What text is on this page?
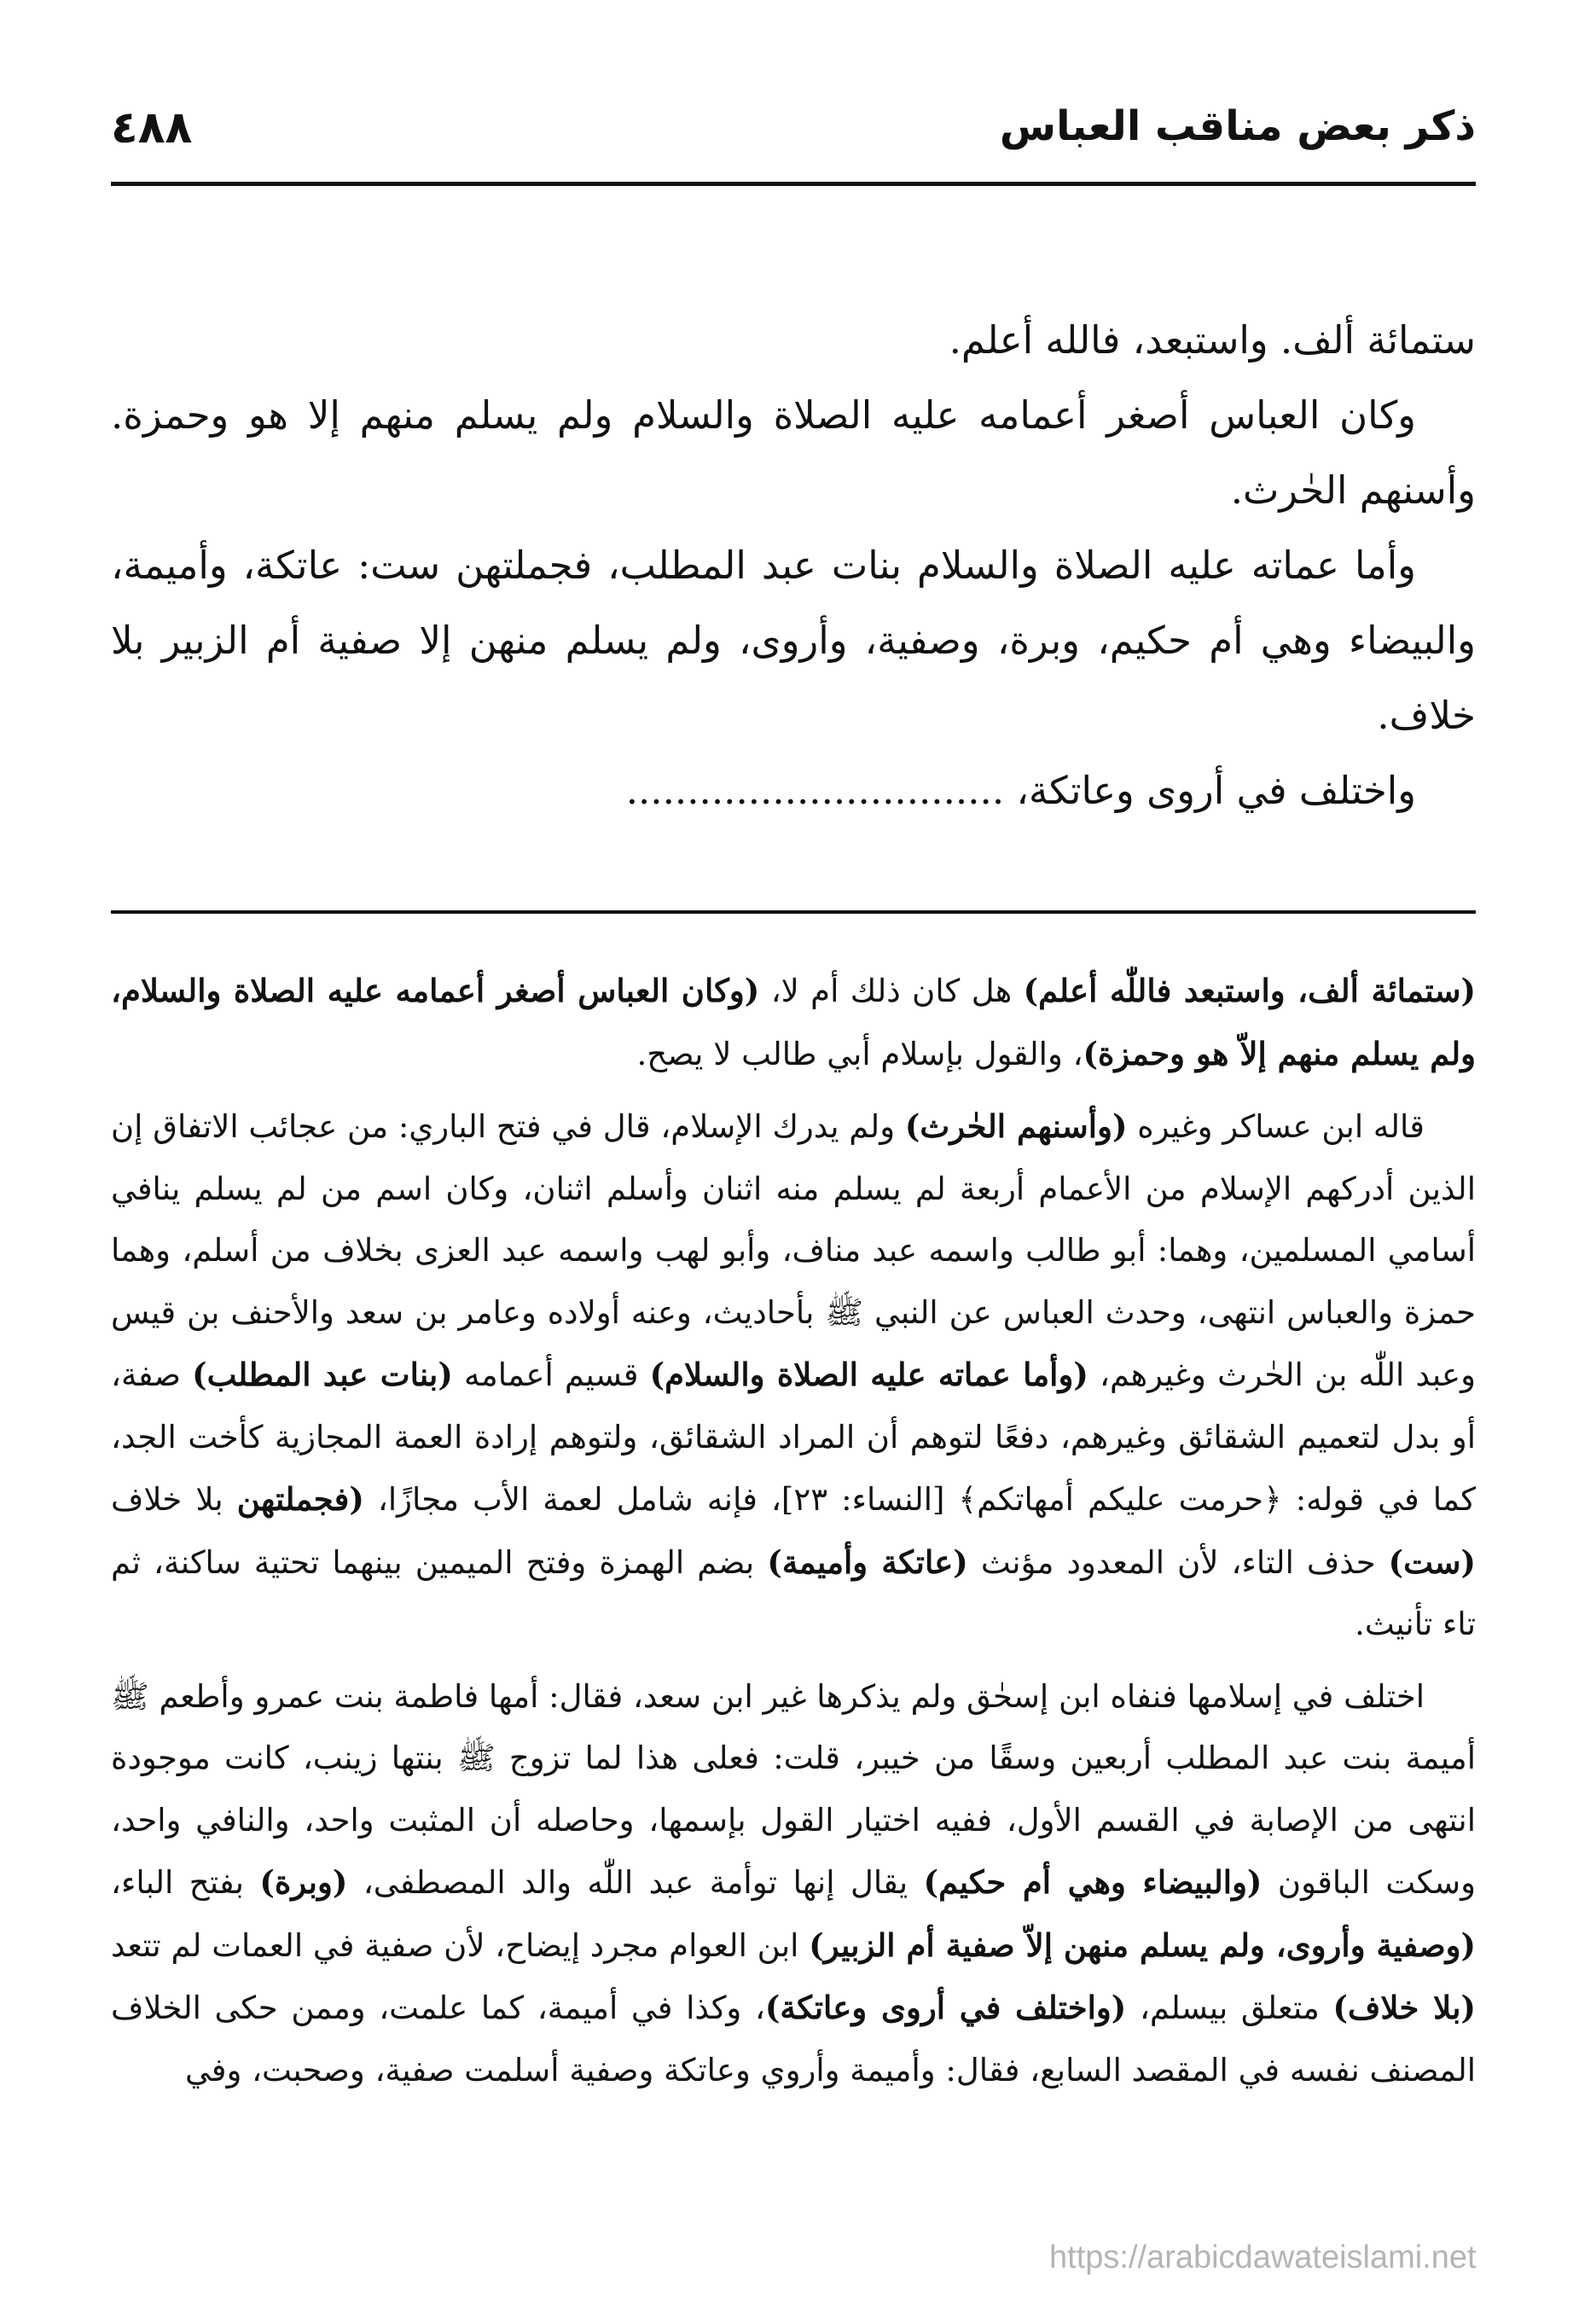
ذكر بعض مناقب العباس
٤٨٨

ستمائة ألف. واستبعد، فالله أعلم.

وكان العباس أصغر أعمامه عليه الصلاة والسلام ولم يسلم منهم إلا هو وحمزة. وأسنهم الحٰرث.

وأما عماته عليه الصلاة والسلام بنات عبد المطلب، فجملتهن ست: عاتكة، وأميمة، والبيضاء وهي أم حكيم، وبرة، وصفية، وأروى، ولم يسلم منهن إلا صفية أم الزبير بلا خلاف.

واختلف في أروى وعاتكة، ...............................

(ستمائة ألف، واستبعد فاللّٰه أعلم) هل كان ذلك أم لا، (وكان العباس أصغر أعمامه عليه الصلاة والسلام، ولم يسلم منهم إلاّ هو وحمزة)، والقول بإسلام أبي طالب لا يصح.

قاله ابن عساكر وغيره (وأسنهم الحٰرث) ولم يدرك الإسلام، قال في فتح الباري: من عجائب الاتفاق إن الذين أدركهم الإسلام من الأعمام أربعة لم يسلم منه اثنان وأسلم اثنان، وكان اسم من لم يسلم ينافي أسامي المسلمين، وهما: أبو طالب واسمه عبد مناف، وأبو لهب واسمه عبد العزى بخلاف من أسلم، وهما حمزة والعباس انتهى، وحدث العباس عن النبي ﷺ بأحاديث، وعنه أولاده وعامر بن سعد والأحنف بن قيس وعبد اللّٰه بن الحٰرث وغيرهم، (وأما عماته عليه الصلاة والسلام) قسيم أعمامه (بنات عبد المطلب) صفة، أو بدل لتعميم الشقائق وغيرهم، دفعًا لتوهم أن المراد الشقائق، ولتوهم إرادة العمة المجازية كأخت الجد، كما في قوله: ﴿حرمت عليكم أمهاتكم﴾ [النساء: ٢٣]، فإنه شامل لعمة الأب مجازًا، (فجملتهن بلا خلاف (ست) حذف التاء، لأن المعدود مؤنث (عاتكة وأميمة) بضم الهمزة وفتح الميمين بينهما تحتية ساكنة، ثم تاء تأنيث.

اختلف في إسلامها فنفاه ابن إسحٰق ولم يذكرها غير ابن سعد، فقال: أمها فاطمة بنت عمرو وأطعم ﷺ أميمة بنت عبد المطلب أربعين وسقًا من خيبر، قلت: فعلى هذا لما تزوج ﷺ بنتها زينب، كانت موجودة انتهى من الإصابة في القسم الأول، ففيه اختيار القول بإسمها، وحاصله أن المثبت واحد، والنافي واحد، وسكت الباقون (والبيضاء وهي أم حكيم) يقال إنها توأمة عبد اللّٰه والد المصطفى، (وبرة) بفتح الباء، (وصفية وأروى، ولم يسلم منهن إلاّ صفية أم الزبير) ابن العوام مجرد إيضاح، لأن صفية في العمات لم تتعد (بلا خلاف) متعلق بيسلم، (واختلف في أروى وعاتكة)، وكذا في أميمة، كما علمت، وممن حكى الخلاف المصنف نفسه في المقصد السابع، فقال: وأميمة وأروي وعاتكة وصفية أسلمت صفية، وصحبت، وفي

https://arabicdawateislami.net
